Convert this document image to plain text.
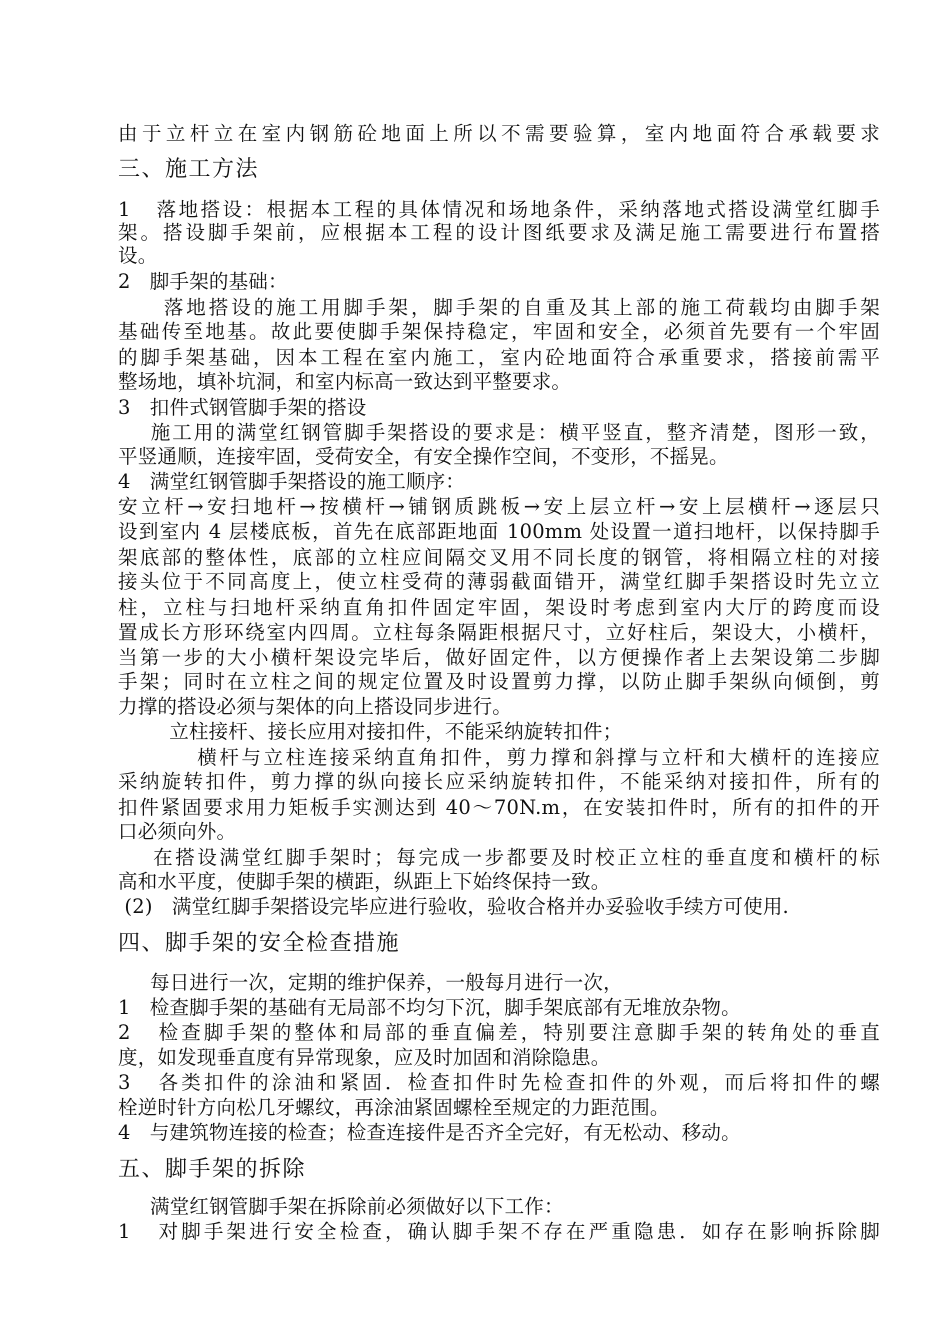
由于立杆立在室内钢筋砼地面上所以不需要验算，室内地面符合承载要求
三、施工方法
1   落地搭设：根据本工程的具体情况和场地条件，采纳落地式搭设满堂红脚手
架。搭设脚手架前，应根据本工程的设计图纸要求及满足施工需要进行布置搭
设。
2   脚手架的基础：
落地搭设的施工用脚手架，脚手架的自重及其上部的施工荷载均由脚手架
基础传至地基。故此要使脚手架保持稳定，牢固和安全，必须首先要有一个牢固
的脚手架基础，因本工程在室内施工，室内砼地面符合承重要求，搭接前需平
整场地，填补坑洞，和室内标高一致达到平整要求。
3   扣件式钢管脚手架的搭设
施工用的满堂红钢管脚手架搭设的要求是：横平竖直，整齐清楚，图形一致，
平竖通顺，连接牢固，受荷安全，有安全操作空间，不变形，不摇晃。
4   满堂红钢管脚手架搭设的施工顺序：
安立杆→安扫地杆→按横杆→铺钢质跳板→安上层立杆→安上层横杆→逐层只
设到室内 4 层楼底板，首先在底部距地面 100mm 处设置一道扫地杆，以保持脚手
架底部的整体性，底部的立柱应间隔交叉用不同长度的钢管，将相隔立柱的对接
接头位于不同高度上，使立柱受荷的薄弱截面错开，满堂红脚手架搭设时先立立
柱，立柱与扫地杆采纳直角扣件固定牢固，架设时考虑到室内大厅的跨度而设
置成长方形环绕室内四周。立柱每条隔距根据尺寸，立好柱后，架设大，小横杆，
当第一步的大小横杆架设完毕后，做好固定件，以方便操作者上去架设第二步脚
手架；同时在立柱之间的规定位置及时设置剪力撑，以防止脚手架纵向倾倒，剪
力撑的搭设必须与架体的向上搭设同步进行。
立柱接杆、接长应用对接扣件，不能采纳旋转扣件；
横杆与立柱连接采纳直角扣件，剪力撑和斜撑与立杆和大横杆的连接应
采纳旋转扣件，剪力撑的纵向接长应采纳旋转扣件，不能采纳对接扣件，所有的
扣件紧固要求用力矩板手实测达到 40～70N.m，在安装扣件时，所有的扣件的开
口必须向外。
在搭设满堂红脚手架时；每完成一步都要及时校正立柱的垂直度和横杆的标
高和水平度，使脚手架的横距，纵距上下始终保持一致。
(2)   满堂红脚手架搭设完毕应进行验收，验收合格并办妥验收手续方可使用.
四、脚手架的安全检查措施
每日进行一次，定期的维护保养，一般每月进行一次，
1   检查脚手架的基础有无局部不均匀下沉，脚手架底部有无堆放杂物。
2   检查脚手架的整体和局部的垂直偏差，特别要注意脚手架的转角处的垂直
度，如发现垂直度有异常现象，应及时加固和消除隐患。
3   各类扣件的涂油和紧固．检查扣件时先检查扣件的外观，而后将扣件的螺
栓逆时针方向松几牙螺纹，再涂油紧固螺栓至规定的力距范围。
4   与建筑物连接的检查；检查连接件是否齐全完好，有无松动、移动。
五、脚手架的拆除
满堂红钢管脚手架在拆除前必须做好以下工作：
1   对脚手架进行安全检查，确认脚手架不存在严重隐患．如存在影响拆除脚
